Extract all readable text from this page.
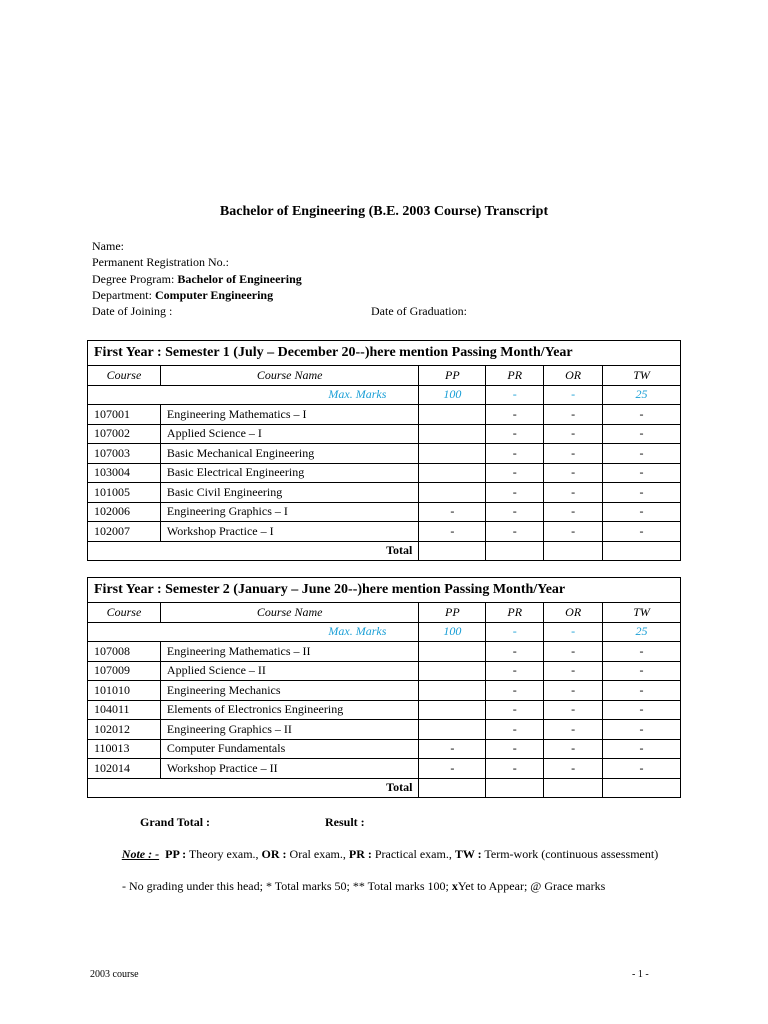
Bachelor of Engineering (B.E. 2003 Course) Transcript
Name:
Permanent Registration No.:
Degree Program: Bachelor of Engineering
Department: Computer Engineering
Date of Joining :	Date of Graduation:
First Year : Semester 1 (July – December 20--)here mention Passing Month/Year					
Course	Course Name	PP	PR	OR	TW
Max. Marks		100	-	-	25
107001	Engineering Mathematics – I		-	-	-
107002	Applied Science – I		-	-	-
107003	Basic Mechanical Engineering		-	-	-
103004	Basic Electrical Engineering		-	-	-
101005	Basic Civil Engineering		-	-	-
102006	Engineering Graphics – I	-	-	-	-
102007	Workshop Practice – I	-	-	-	-
Total					
First Year : Semester 2 (January – June 20--)here mention Passing Month/Year					
Course	Course Name	PP	PR	OR	TW
Max. Marks		100	-	-	25
107008	Engineering Mathematics – II		-	-	-
107009	Applied Science – II		-	-	-
101010	Engineering Mechanics		-	-	-
104011	Elements of Electronics Engineering		-	-	-
102012	Engineering Graphics – II		-	-	-
110013	Computer Fundamentals	-	-	-	-
102014	Workshop Practice – II	-	-	-	-
Total					
Grand Total :	Result :
Note : - PP : Theory exam., OR : Oral exam., PR : Practical exam., TW : Term-work (continuous assessment)
- No grading under this head; * Total marks 50; ** Total marks 100; xYet to Appear; @ Grace marks
2003 course	- 1 -
